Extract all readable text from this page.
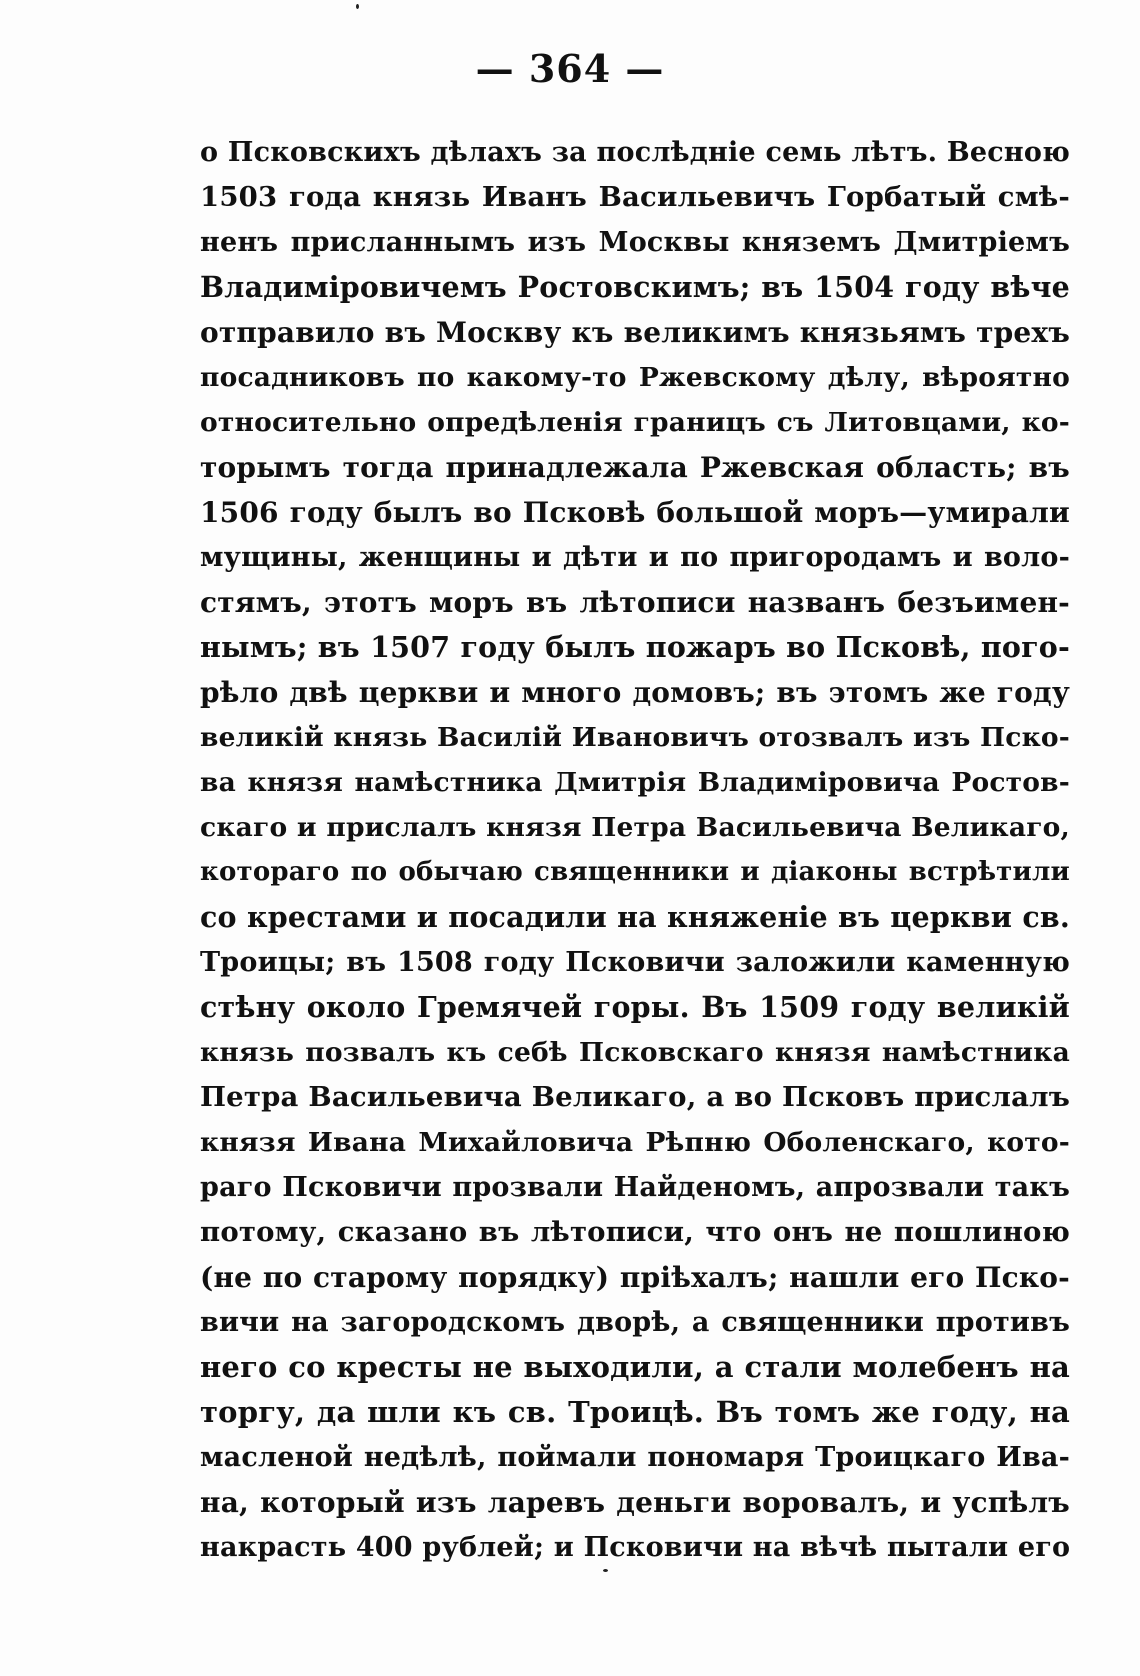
— 364 —
о Псковскихъ дѣлахъ за послѣдніе семь лѣтъ. Весною
1503 года князь Иванъ Васильевичъ Горбатый смѣ-
ненъ присланнымъ изъ Москвы княземъ Дмитріемъ
Владиміровичемъ Ростовскимъ; въ 1504 году вѣче
отправило въ Москву къ великимъ князьямъ трехъ
посадниковъ по какому-то Ржевскому дѣлу, вѣроятно
относительно опредѣленія границъ съ Литовцами, ко-
торымъ тогда принадлежала Ржевская область; въ
1506 году былъ во Псковѣ большой моръ—умирали
мущины, женщины и дѣти и по пригородамъ и воло-
стямъ, этотъ моръ въ лѣтописи названъ безъимен-
нымъ; въ 1507 году былъ пожаръ во Псковѣ, пого-
рѣло двѣ церкви и много домовъ; въ этомъ же году
великій князь Василій Ивановичъ отозвалъ изъ Пско-
ва князя намѣстника Дмитрія Владиміровича Ростов-
скаго и прислалъ князя Петра Васильевича Великаго,
котораго по обычаю священники и діаконы встрѣтили
со крестами и посадили на княженіе въ церкви св.
Троицы; въ 1508 году Псковичи заложили каменную
стѣну около Гремячей горы. Въ 1509 году великій
князь позвалъ къ себѣ Псковскаго князя намѣстника
Петра Васильевича Великаго, а во Псковъ прислалъ
князя Ивана Михайловича Рѣпню Оболенскаго, кото-
раго Псковичи прозвали Найденомъ, апрозвали такъ
потому, сказано въ лѣтописи, что онъ не пошлиною
(не по старому порядку) пріѣхалъ; нашли его Пско-
вичи на загородскомъ дворѣ, а священники противъ
него со кресты не выходили, а стали молебенъ на
торгу, да шли къ св. Троицѣ. Въ томъ же году, на
масленой недѣлѣ, поймали пономаря Троицкаго Ива-
на, который изъ ларевъ деньги воровалъ, и успѣлъ
накрасть 400 рублей; и Псковичи на вѣчѣ пытали его
